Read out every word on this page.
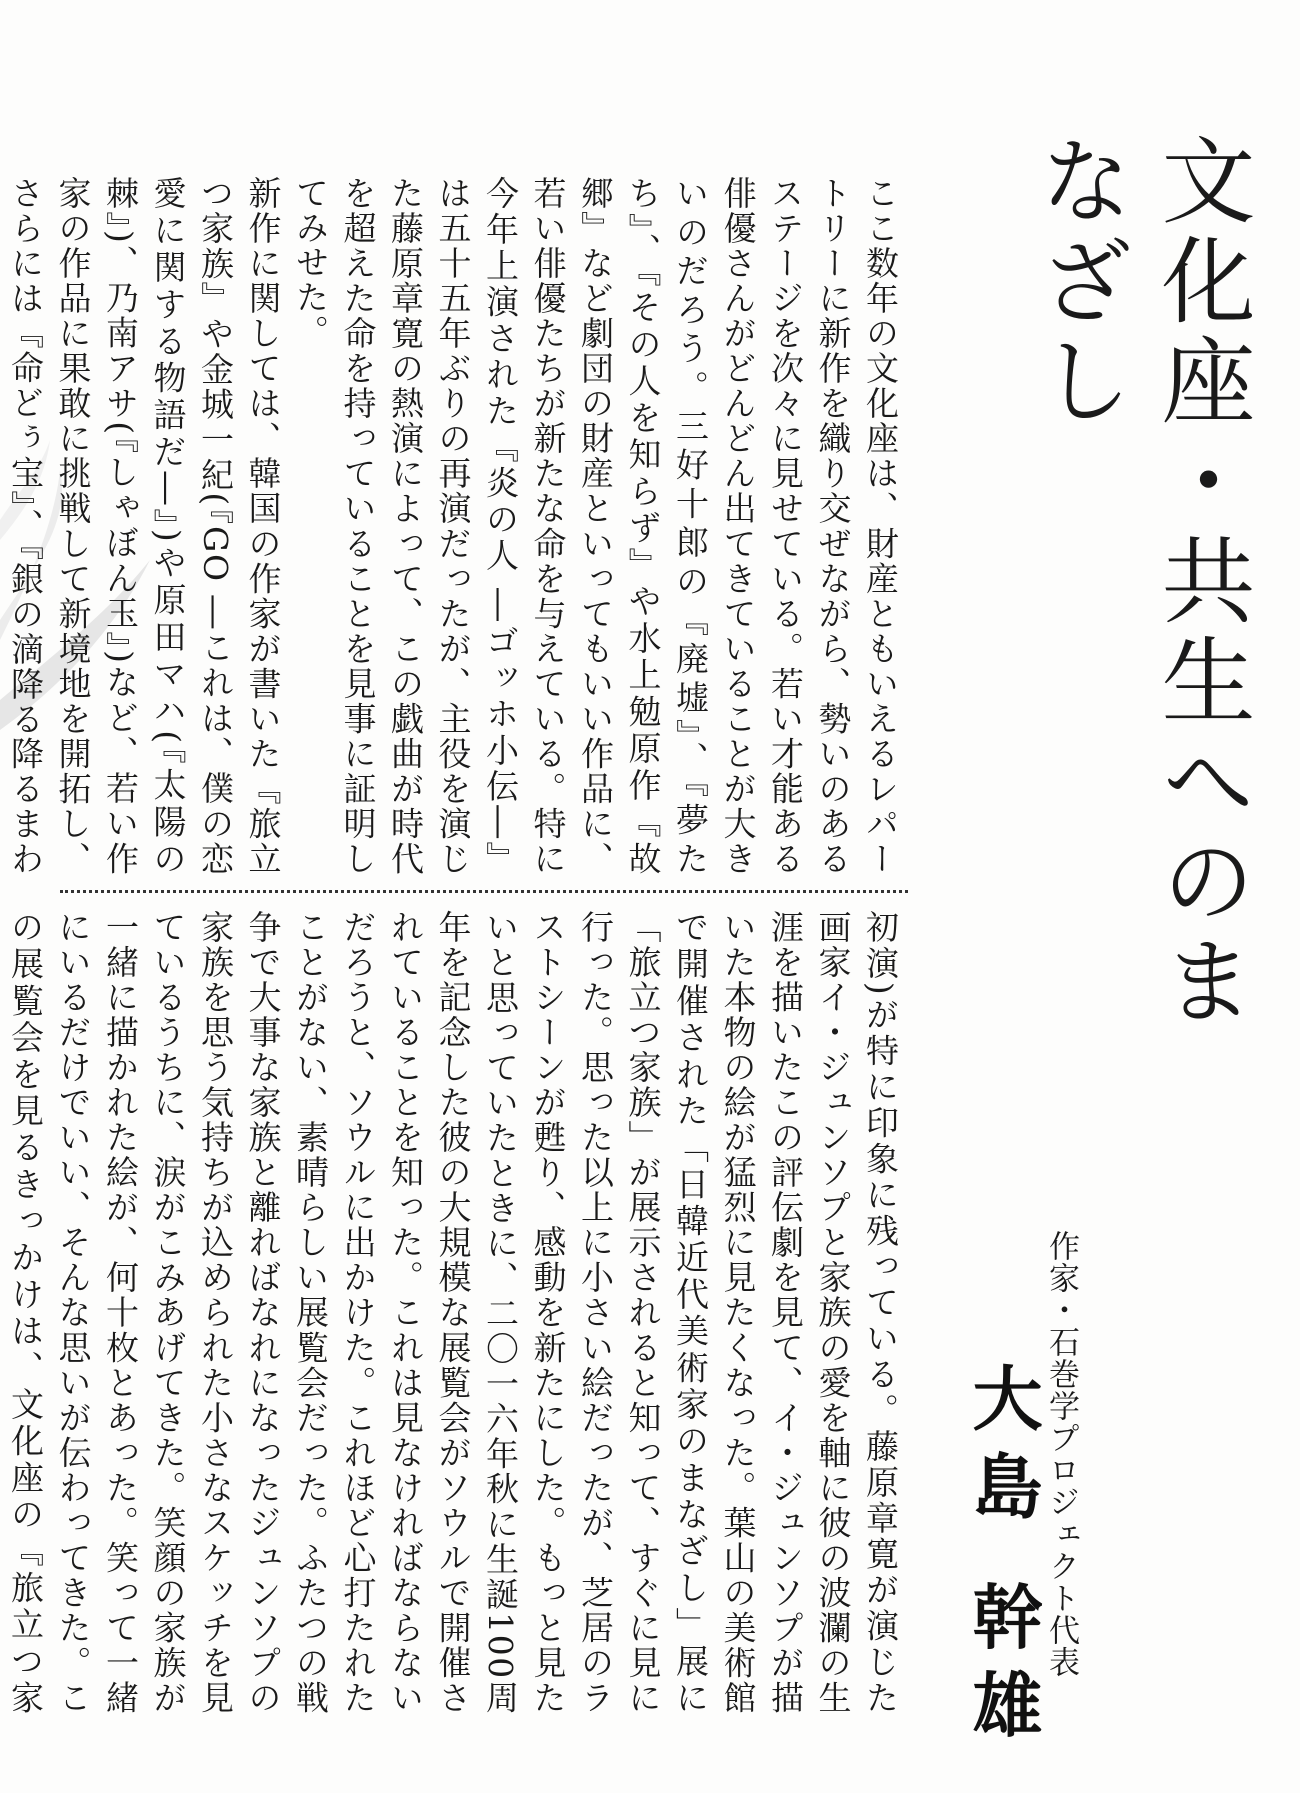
文化座・共生へのまなざし
作家・石巻学プロジェクト代表
大島 幹雄

ここ数年の文化座は、財産ともいえるレパートリーに新作を織り交ぜながら、勢いのあるステージを次々に見せている。若い才能ある俳優さんがどんどん出てきていることが大きいのだろう。三好十郎の『廃墟』、『夢たち』、『その人を知らず』や水上勉原作『故郷』など劇団の財産といってもいい作品に、若い俳優たちが新たな命を与えている。特に今年上演された『炎の人 ―ゴッホ小伝―』は五十五年ぶりの再演だったが、主役を演じた藤原章寛の熱演によって、この戯曲が時代を超えた命を持っていることを見事に証明してみせた。

新作に関しては、韓国の作家が書いた『旅立つ家族』や金城一紀(『GO ―これは、僕の恋愛に関する物語だ―』)や原田マハ(『太陽の棘』)、乃南アサ(『しゃぼん玉』)など、若い作家の作品に果敢に挑戦して新境地を開拓し、さらには『命どぅ宝』、『銀の滴降る降るまわ

初演)が特に印象に残っている。藤原章寛が演じた画家イ・ジュンソプと家族の愛を軸に彼の波瀾の生涯を描いたこの評伝劇を見て、イ・ジュンソプが描いた本物の絵が猛烈に見たくなった。葉山の美術館で開催された「日韓近代美術家のまなざし」展に「旅立つ家族」が展示されると知って、すぐに見に行った。思った以上に小さい絵だったが、芝居のラストシーンが甦り、感動を新たにした。もっと見たいと思っていたときに、二〇一六年秋に生誕100周年を記念した彼の大規模な展覧会がソウルで開催されていることを知った。これは見なければならないだろうと、ソウルに出かけた。これほど心打たれたことがない、素晴らしい展覧会だった。ふたつの戦争で大事な家族と離ればなれになったジュンソプの家族を思う気持ちが込められた小さなスケッチを見ているうちに、涙がこみあげてきた。笑顔の家族が一緒に描かれた絵が、何十枚とあった。笑って一緒にいるだけでいい、そんな思いが伝わってきた。この展覧会を見るきっかけは、文化座の『旅立つ家
